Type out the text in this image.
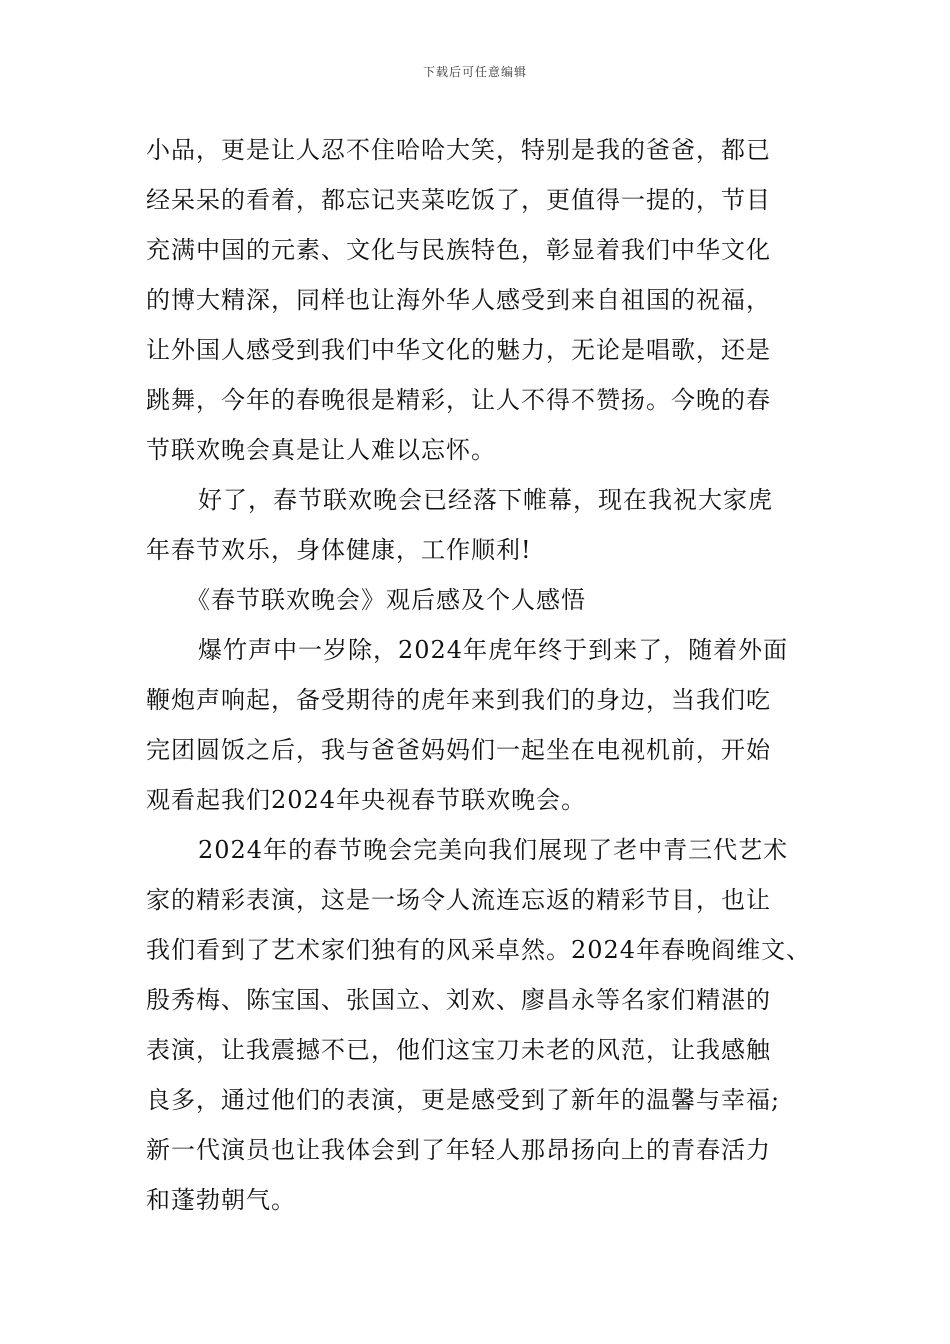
下载后可任意编辑
小品，更是让人忍不住哈哈大笑，特别是我的爸爸，都已
经呆呆的看着，都忘记夹菜吃饭了，更值得一提的，节目
充满中国的元素、文化与民族特色，彰显着我们中华文化
的博大精深，同样也让海外华人感受到来自祖国的祝福，
让外国人感受到我们中华文化的魅力，无论是唱歌，还是
跳舞，今年的春晚很是精彩，让人不得不赞扬。今晚的春
节联欢晚会真是让人难以忘怀。
好了，春节联欢晚会已经落下帷幕，现在我祝大家虎
年春节欢乐，身体健康，工作顺利!
《春节联欢晚会》观后感及个人感悟
爆竹声中一岁除，2024年虎年终于到来了，随着外面
鞭炮声响起，备受期待的虎年来到我们的身边，当我们吃
完团圆饭之后，我与爸爸妈妈们一起坐在电视机前，开始
观看起我们2024年央视春节联欢晚会。
2024年的春节晚会完美向我们展现了老中青三代艺术
家的精彩表演，这是一场令人流连忘返的精彩节目，也让
我们看到了艺术家们独有的风采卓然。2024年春晚阎维文、
殷秀梅、陈宝国、张国立、刘欢、廖昌永等名家们精湛的
表演，让我震撼不已，他们这宝刀未老的风范，让我感触
良多，通过他们的表演，更是感受到了新年的温馨与幸福;
新一代演员也让我体会到了年轻人那昂扬向上的青春活力
和蓬勃朝气。
